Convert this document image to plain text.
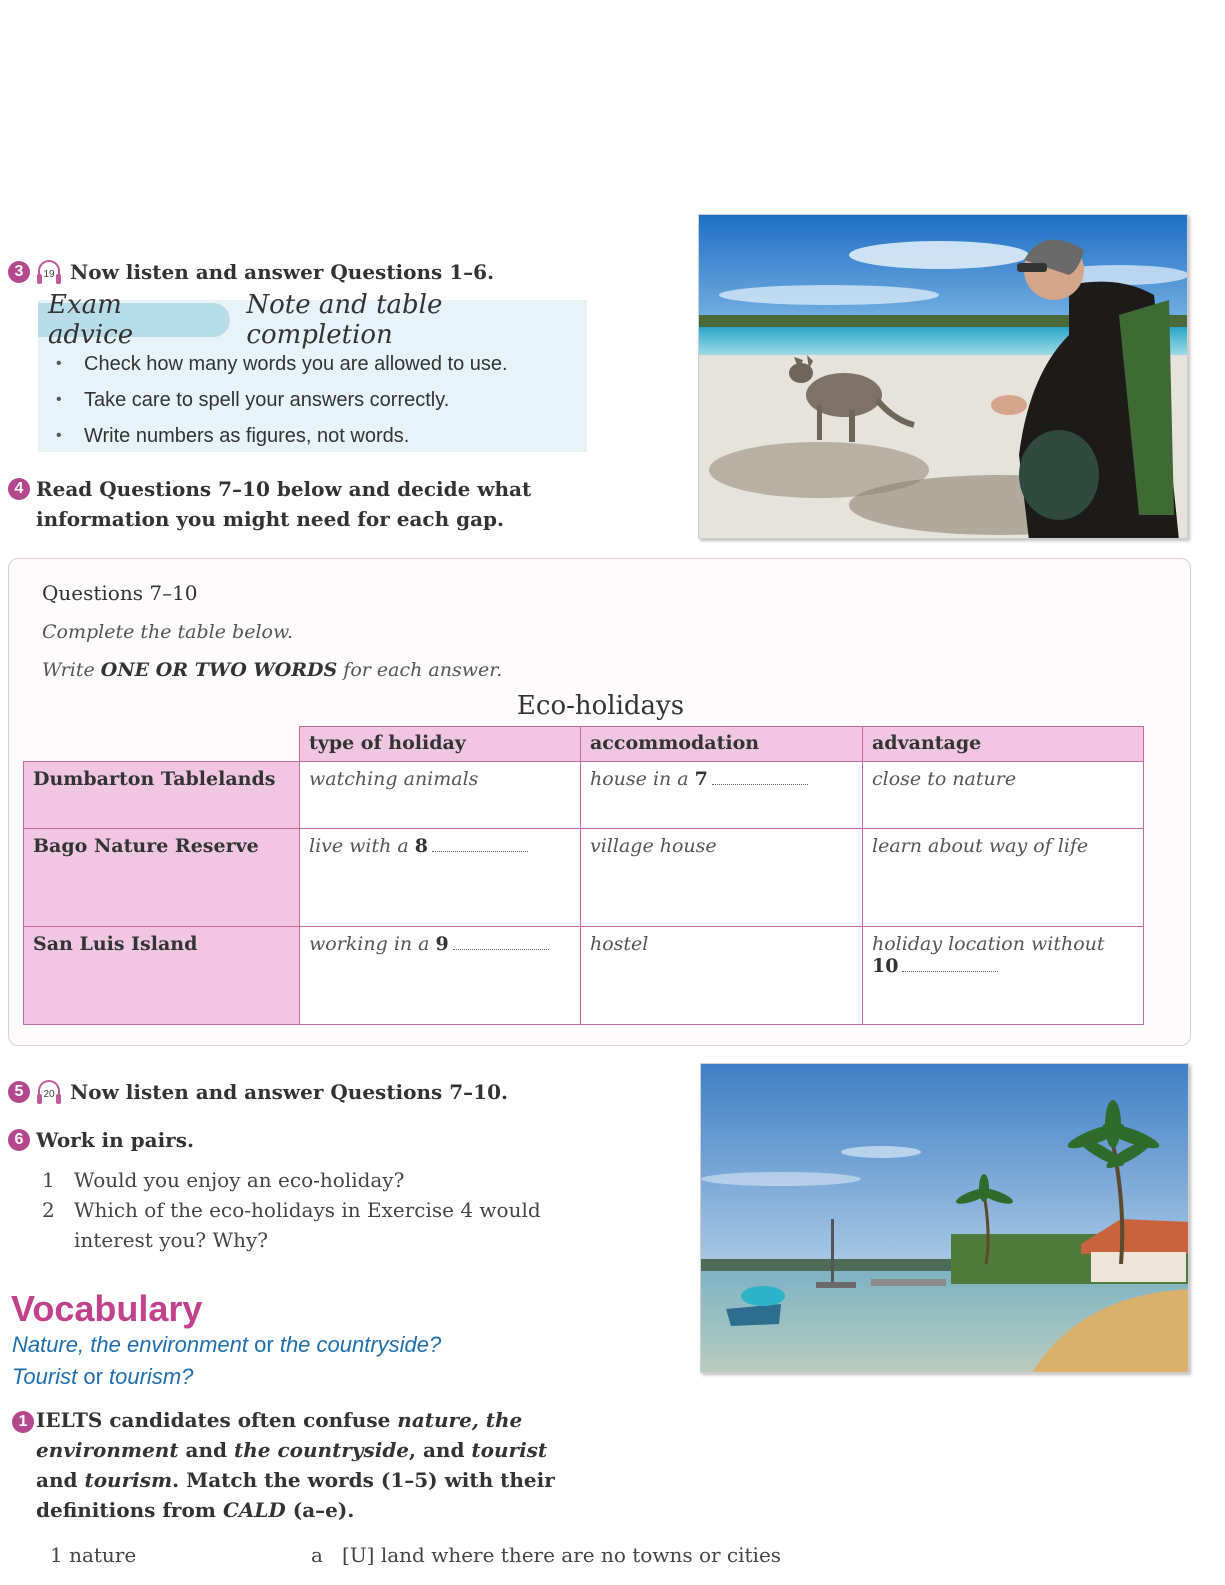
3	19 Now listen and answer Questions 1–6.
Exam advice
Note and table completion
• Check how many words you are allowed to use.
• Take care to spell your answers correctly.
• Write numbers as figures, not words.
4 Read Questions 7–10 below and decide what
information you might need for each gap.
Questions 7–10
Complete the table below.
Write ONE OR TWO WORDS for each answer.
Eco-holidays
	type of holiday	accommodation	advantage
Dumbarton Tablelands	watching animals	house in a 7	close to nature
Bago Nature Reserve	live with a 8	village house	learn about way of life
San Luis Island	working in a 9	hostel	holiday location without
10
5	20 Now listen and answer Questions 7–10.
6 Work in pairs.
1 Would you enjoy an eco-holiday?
2 Which of the eco-holidays in Exercise 4 would
interest you? Why?
Vocabulary
Nature, the environment or the countryside?
Tourist or tourism?
1 IELTS candidates often confuse nature, the
environment and the countryside, and tourist
and tourism. Match the words (1–5) with their
definitions from CALD (a–e).
1 nature	a [U] land where there are no towns or cities
